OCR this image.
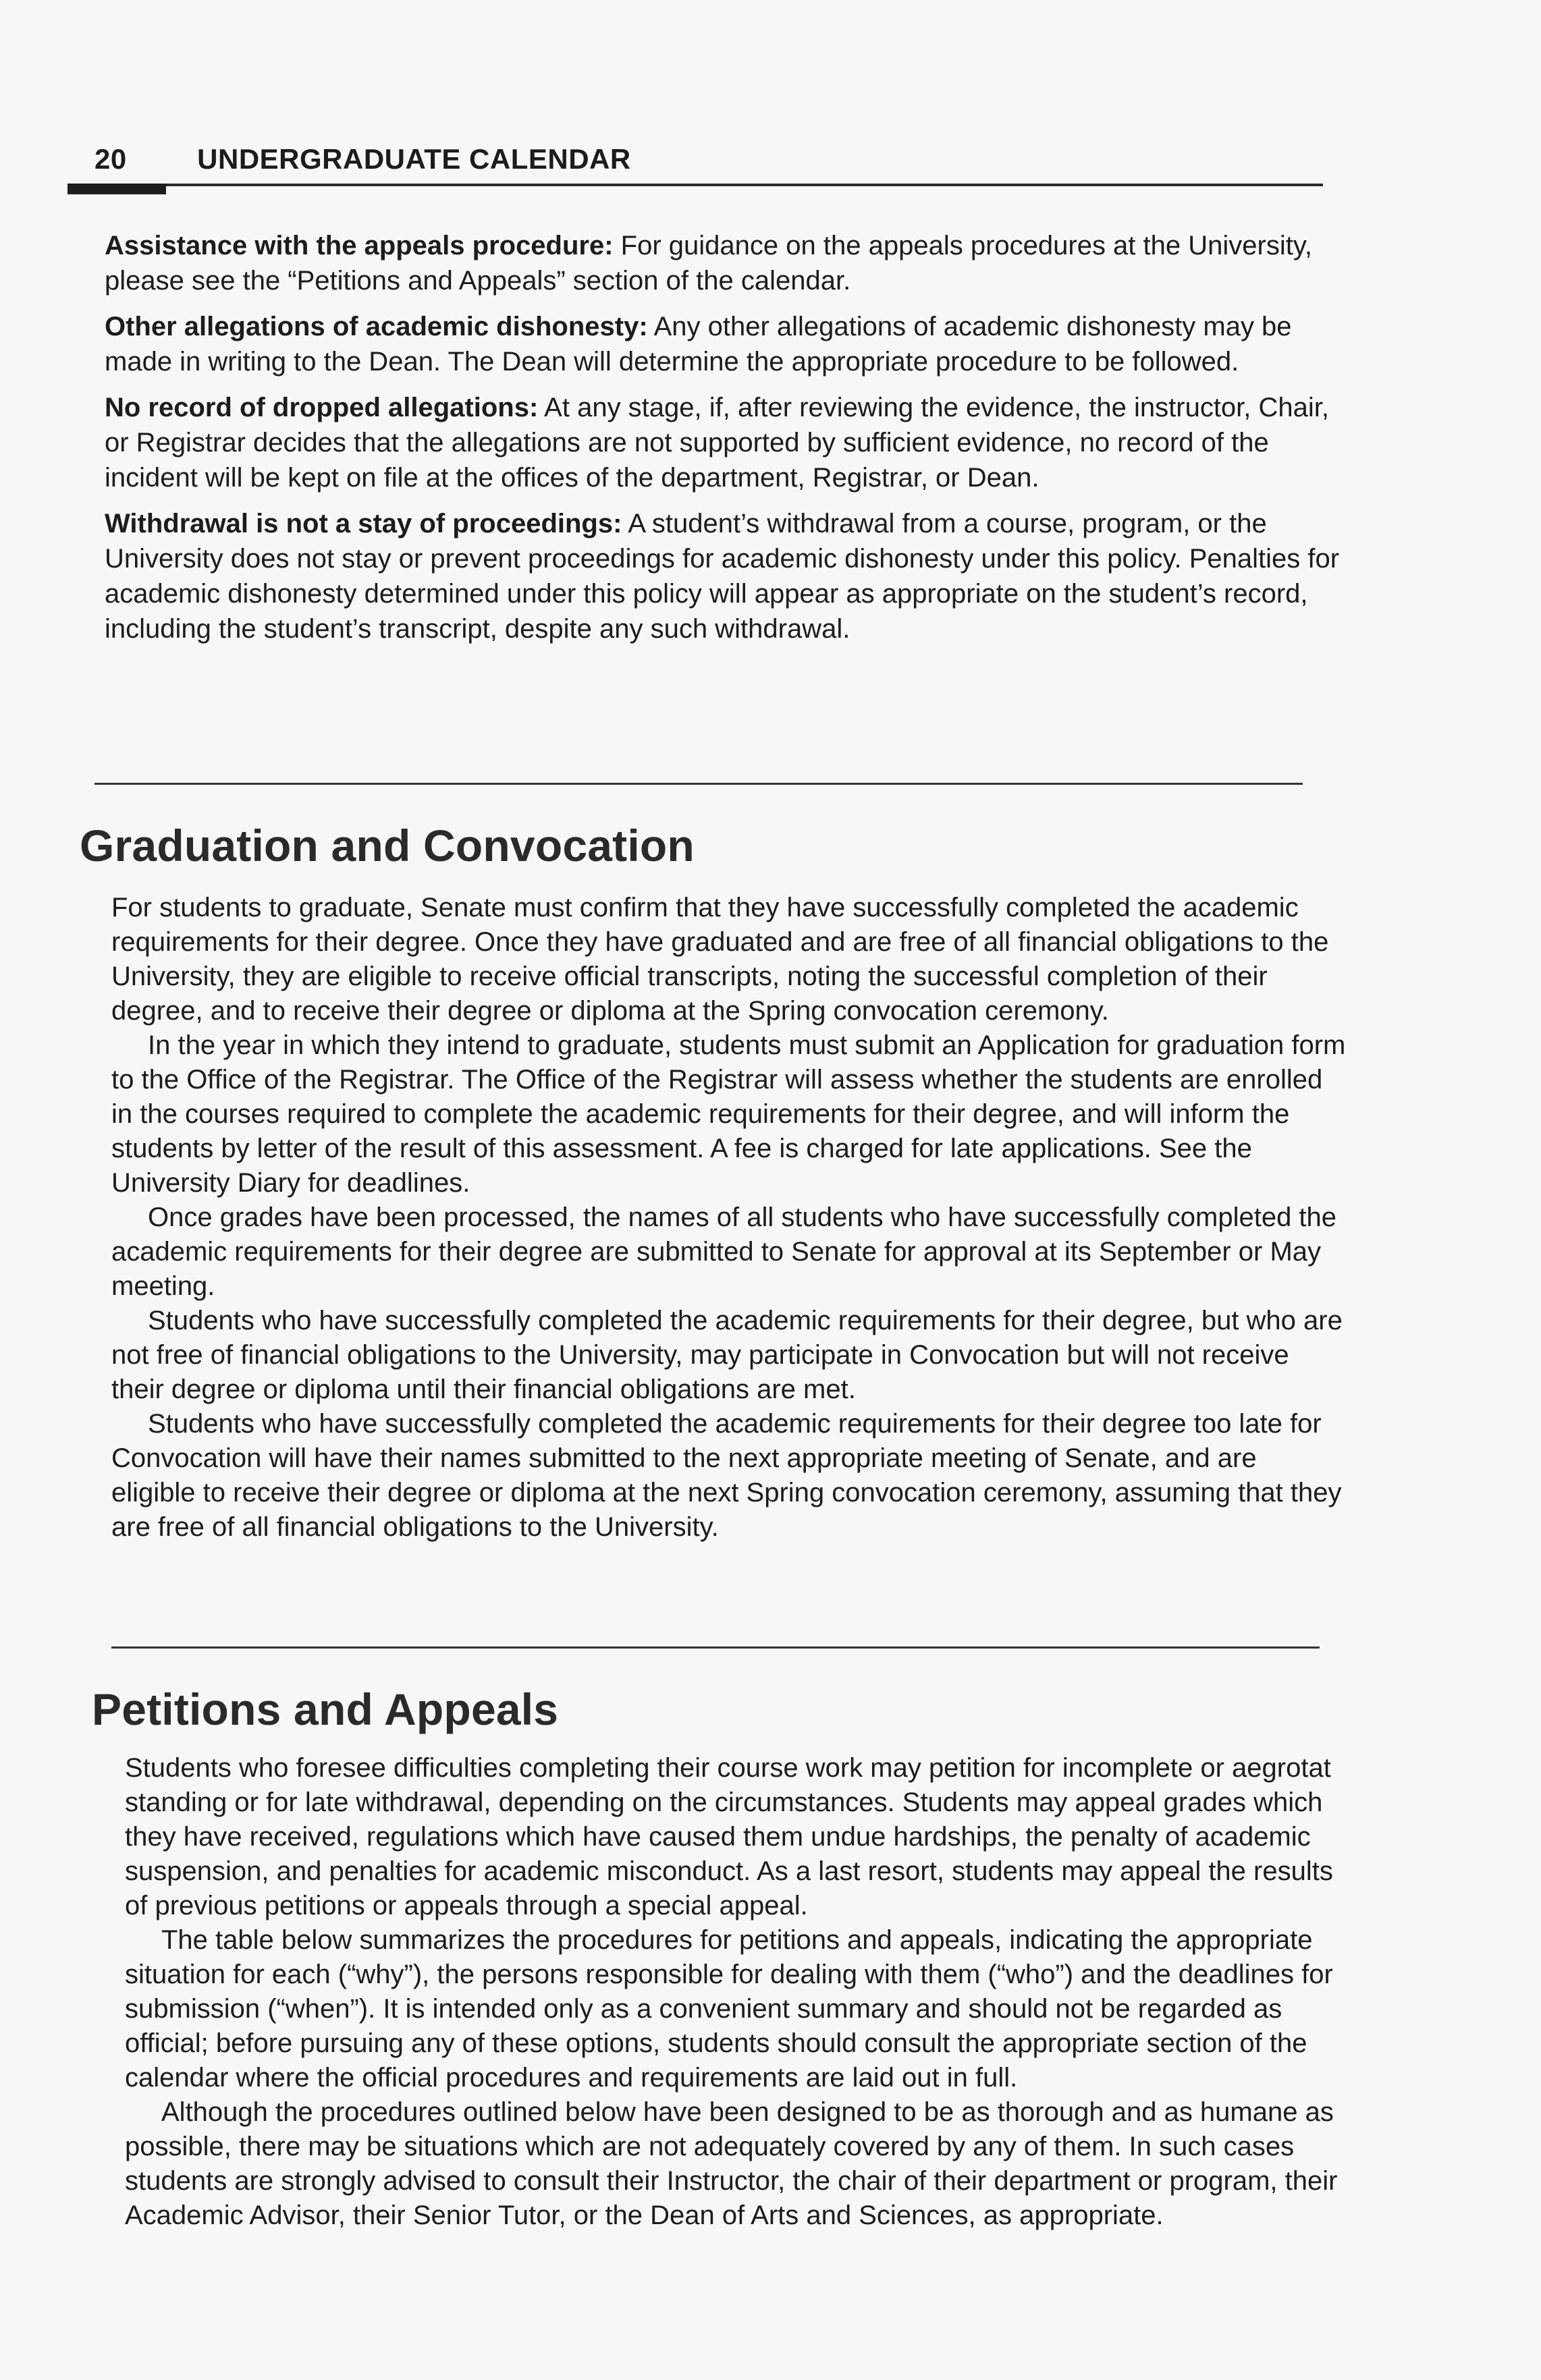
20 UNDERGRADUATE CALENDAR

Assistance with the appeals procedure: For guidance on the appeals procedures at the University, please see the “Petitions and Appeals” section of the calendar.

Other allegations of academic dishonesty: Any other allegations of academic dishonesty may be made in writing to the Dean. The Dean will determine the appropriate procedure to be followed.

No record of dropped allegations: At any stage, if, after reviewing the evidence, the instructor, Chair, or Registrar decides that the allegations are not supported by sufficient evidence, no record of the incident will be kept on file at the offices of the department, Registrar, or Dean.

Withdrawal is not a stay of proceedings: A student’s withdrawal from a course, program, or the University does not stay or prevent proceedings for academic dishonesty under this policy. Penalties for academic dishonesty determined under this policy will appear as appropriate on the student’s record, including the student’s transcript, despite any such withdrawal.

Graduation and Convocation

For students to graduate, Senate must confirm that they have successfully completed the academic requirements for their degree. Once they have graduated and are free of all financial obligations to the University, they are eligible to receive official transcripts, noting the successful completion of their degree, and to receive their degree or diploma at the Spring convocation ceremony.

In the year in which they intend to graduate, students must submit an Application for graduation form to the Office of the Registrar. The Office of the Registrar will assess whether the students are enrolled in the courses required to complete the academic requirements for their degree, and will inform the students by letter of the result of this assessment. A fee is charged for late applications. See the University Diary for deadlines.

Once grades have been processed, the names of all students who have successfully completed the academic requirements for their degree are submitted to Senate for approval at its September or May meeting.

Students who have successfully completed the academic requirements for their degree, but who are not free of financial obligations to the University, may participate in Convocation but will not receive their degree or diploma until their financial obligations are met.

Students who have successfully completed the academic requirements for their degree too late for Convocation will have their names submitted to the next appropriate meeting of Senate, and are eligible to receive their degree or diploma at the next Spring convocation ceremony, assuming that they are free of all financial obligations to the University.

Petitions and Appeals

Students who foresee difficulties completing their course work may petition for incomplete or aegrotat standing or for late withdrawal, depending on the circumstances. Students may appeal grades which they have received, regulations which have caused them undue hardships, the penalty of academic suspension, and penalties for academic misconduct. As a last resort, students may appeal the results of previous petitions or appeals through a special appeal.

The table below summarizes the procedures for petitions and appeals, indicating the appropriate situation for each (“why”), the persons responsible for dealing with them (“who”) and the deadlines for submission (“when”). It is intended only as a convenient summary and should not be regarded as official; before pursuing any of these options, students should consult the appropriate section of the calendar where the official procedures and requirements are laid out in full.

Although the procedures outlined below have been designed to be as thorough and as humane as possible, there may be situations which are not adequately covered by any of them. In such cases students are strongly advised to consult their Instructor, the chair of their department or program, their Academic Advisor, their Senior Tutor, or the Dean of Arts and Sciences, as appropriate.
